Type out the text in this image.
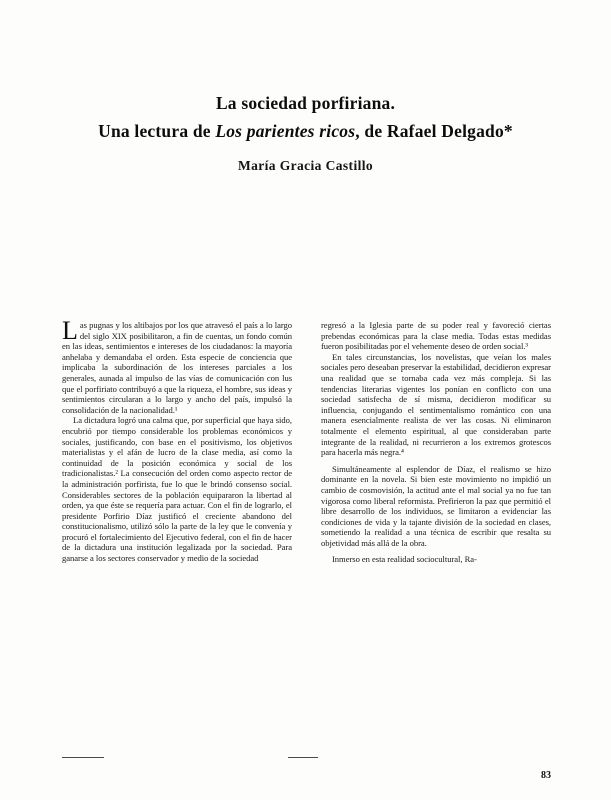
La sociedad porfiriana.
Una lectura de Los parientes ricos, de Rafael Delgado*
María Gracia Castillo

Las pugnas y los altibajos por los que atravesó el país a lo largo del siglo XIX posibilitaron, a fin de cuentas, un fondo común en las ideas, sentimientos e intereses de los ciudadanos: la mayoría anhelaba y demandaba el orden. Esta especie de conciencia que implicaba la subordinación de los intereses parciales a los generales, aunada al impulso de las vías de comunicación con lus que el porfiriato contribuyó a que la riqueza, el hombre, sus ideas y sentimientos circularan a lo largo y ancho del país, impulsó la consolidación de la nacionalidad.¹

La dictadura logró una calma que, por superficial que haya sido, encubrió por tiempo considerable los problemas económicos y sociales, justificando, con base en el positivismo, los objetivos materialistas y el afán de lucro de la clase media, así como la continuidad de la posición económica y social de los tradicionalistas.² La consecución del orden como aspecto rector de la administración porfirista, fue lo que le brindó consenso social. Considerables sectores de la población equipararon la libertad al orden, ya que éste se requería para actuar. Con el fin de lograrlo, el presidente Porfirio Díaz justificó el creciente abandono del constitucionalismo, utilizó sólo la parte de la ley que le convenía y procuró el fortalecimiento del Ejecutivo federal, con el fin de hacer de la dictadura una institución legalizada por la sociedad. Para ganarse a los sectores conservador y medio de la sociedad

regresó a la Iglesia parte de su poder real y favoreció ciertas prebendas económicas para la clase media. Todas estas medidas fueron posibilitadas por el vehemente deseo de orden social.³

En tales circunstancias, los novelistas, que veían los males sociales pero deseaban preservar la estabilidad, decidieron expresar una realidad que se tornaba cada vez más compleja. Si las tendencias literarias vigentes los ponían en conflicto con una sociedad satisfecha de sí misma, decidieron modificar su influencia, conjugando el sentimentalismo romántico con una manera esencialmente realista de ver las cosas. Ni eliminaron totalmente el elemento espiritual, al que consideraban parte integrante de la realidad, ni recurrieron a los extremos grotescos para hacerla más negra.⁴

Simultáneamente al esplendor de Díaz, el realismo se hizo dominante en la novela. Si bien este movimiento no impidió un cambio de cosmovisión, la actitud ante el mal social ya no fue tan vigorosa como liberal reformista. Prefirieron la paz que permitió el libre desarrollo de los individuos, se limitaron a evidenciar las condiciones de vida y la tajante división de la sociedad en clases, sometiendo la realidad a una técnica de escribir que resalta su objetividad más allá de la obra.

Inmerso en esta realidad sociocultural, Ra-

83
